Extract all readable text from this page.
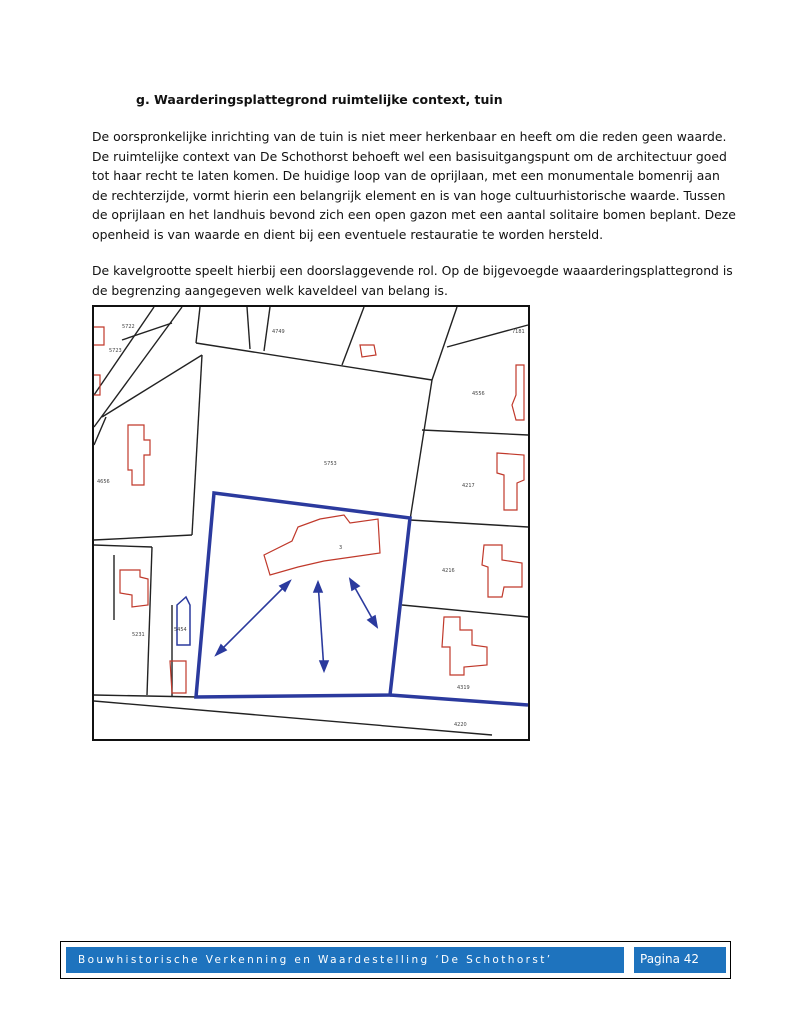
g. Waarderingsplattegrond ruimtelijke context, tuin
De oorspronkelijke inrichting van de tuin is niet meer herkenbaar en heeft om die reden geen waarde.
De ruimtelijke context van De Schothorst behoeft wel een basisuitgangspunt om de architectuur goed
tot haar recht te laten komen. De huidige loop van de oprijlaan, met een monumentale bomenrij aan
de rechterzijde, vormt hierin een belangrijk element en is van hoge cultuurhistorische waarde. Tussen
de oprijlaan en het landhuis bevond zich een open gazon met een aantal solitaire bomen beplant. Deze
openheid is van waarde en dient bij een eventuele restauratie te worden hersteld.
De kavelgrootte speelt hierbij een doorslaggevende rol. Op de bijgevoegde waaarderingsplattegrond is
de begrenzing aangegeven welk kaveldeel van belang is.
5722
5723
4749	7181
4556
5753
4656
4217
4216
5231
5454
4319
4220
3
Bouwhistorische Verkenning en Waardestelling ‘De Schothorst’	Pagina 42
